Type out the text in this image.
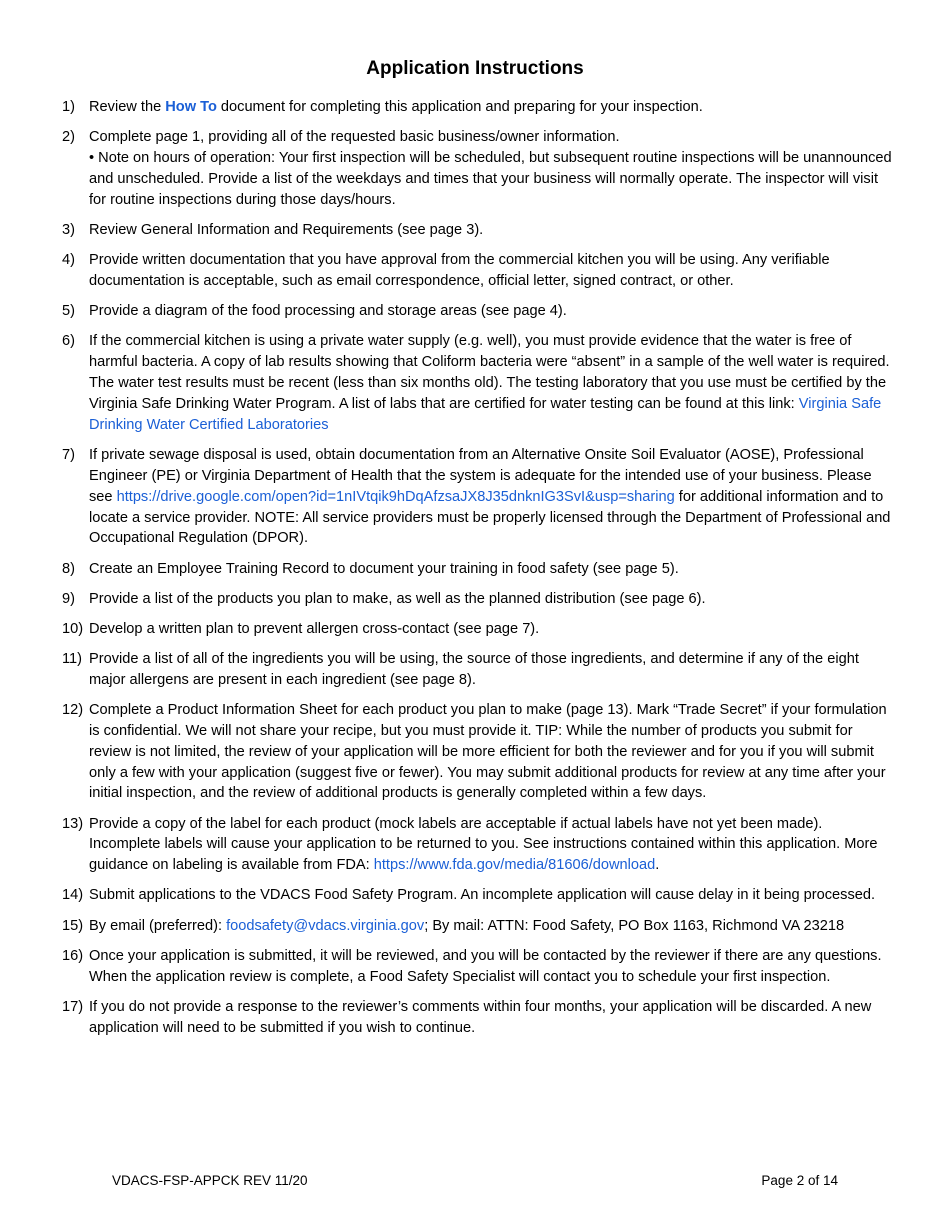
Application Instructions
1) Review the How To document for completing this application and preparing for your inspection.
2) Complete page 1, providing all of the requested basic business/owner information.
• Note on hours of operation: Your first inspection will be scheduled, but subsequent routine inspections will be unannounced and unscheduled. Provide a list of the weekdays and times that your business will normally operate. The inspector will visit for routine inspections during those days/hours.
3) Review General Information and Requirements (see page 3).
4) Provide written documentation that you have approval from the commercial kitchen you will be using. Any verifiable documentation is acceptable, such as email correspondence, official letter, signed contract, or other.
5) Provide a diagram of the food processing and storage areas (see page 4).
6) If the commercial kitchen is using a private water supply (e.g. well), you must provide evidence that the water is free of harmful bacteria. A copy of lab results showing that Coliform bacteria were “absent” in a sample of the well water is required. The water test results must be recent (less than six months old). The testing laboratory that you use must be certified by the Virginia Safe Drinking Water Program. A list of labs that are certified for water testing can be found at this link: Virginia Safe Drinking Water Certified Laboratories
7) If private sewage disposal is used, obtain documentation from an Alternative Onsite Soil Evaluator (AOSE), Professional Engineer (PE) or Virginia Department of Health that the system is adequate for the intended use of your business. Please see https://drive.google.com/open?id=1nIVtqik9hDqAfzsaJX8J35dnknIG3SvI&usp=sharing for additional information and to locate a service provider. NOTE: All service providers must be properly licensed through the Department of Professional and Occupational Regulation (DPOR).
8) Create an Employee Training Record to document your training in food safety (see page 5).
9) Provide a list of the products you plan to make, as well as the planned distribution (see page 6).
10) Develop a written plan to prevent allergen cross-contact (see page 7).
11) Provide a list of all of the ingredients you will be using, the source of those ingredients, and determine if any of the eight major allergens are present in each ingredient (see page 8).
12) Complete a Product Information Sheet for each product you plan to make (page 13). Mark “Trade Secret” if your formulation is confidential. We will not share your recipe, but you must provide it. TIP: While the number of products you submit for review is not limited, the review of your application will be more efficient for both the reviewer and for you if you will submit only a few with your application (suggest five or fewer). You may submit additional products for review at any time after your initial inspection, and the review of additional products is generally completed within a few days.
13) Provide a copy of the label for each product (mock labels are acceptable if actual labels have not yet been made). Incomplete labels will cause your application to be returned to you. See instructions contained within this application. More guidance on labeling is available from FDA: https://www.fda.gov/media/81606/download.
14) Submit applications to the VDACS Food Safety Program. An incomplete application will cause delay in it being processed.
15) By email (preferred): foodsafety@vdacs.virginia.gov; By mail: ATTN: Food Safety, PO Box 1163, Richmond VA 23218
16) Once your application is submitted, it will be reviewed, and you will be contacted by the reviewer if there are any questions. When the application review is complete, a Food Safety Specialist will contact you to schedule your first inspection.
17) If you do not provide a response to the reviewer’s comments within four months, your application will be discarded. A new application will need to be submitted if you wish to continue.
VDACS-FSP-APPCK REV 11/20	Page 2 of 14
